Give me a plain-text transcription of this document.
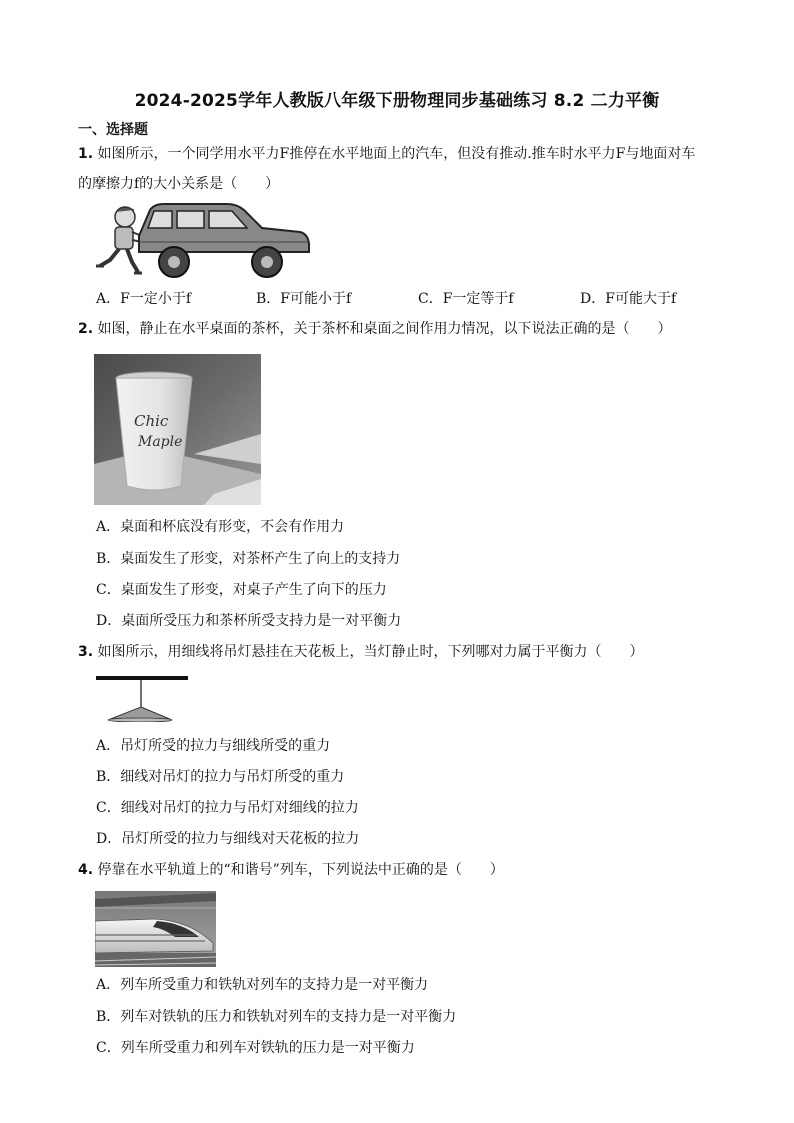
2024-2025学年人教版八年级下册物理同步基础练习 8.2 二力平衡
一、选择题
1. 如图所示，一个同学用水平力F推停在水平地面上的汽车，但没有推动.推车时水平力F与地面对车
的摩擦力f的大小关系是（　　）
A．F一定小于f	B．F可能小于f	C．F一定等于f	D．F可能大于f
2. 如图，静止在水平桌面的茶杯，关于茶杯和桌面之间作用力情况，以下说法正确的是（　　）
Chic
Maple
A．桌面和杯底没有形变，不会有作用力
B．桌面发生了形变，对茶杯产生了向上的支持力
C．桌面发生了形变，对桌子产生了向下的压力
D．桌面所受压力和茶杯所受支持力是一对平衡力
3. 如图所示，用细线将吊灯悬挂在天花板上，当灯静止时，下列哪对力属于平衡力（　　）
A．吊灯所受的拉力与细线所受的重力
B．细线对吊灯的拉力与吊灯所受的重力
C．细线对吊灯的拉力与吊灯对细线的拉力
D．吊灯所受的拉力与细线对天花板的拉力
4. 停靠在水平轨道上的“和谐号”列车，下列说法中正确的是（　　）
A．列车所受重力和铁轨对列车的支持力是一对平衡力
B．列车对铁轨的压力和铁轨对列车的支持力是一对平衡力
C．列车所受重力和列车对铁轨的压力是一对平衡力
